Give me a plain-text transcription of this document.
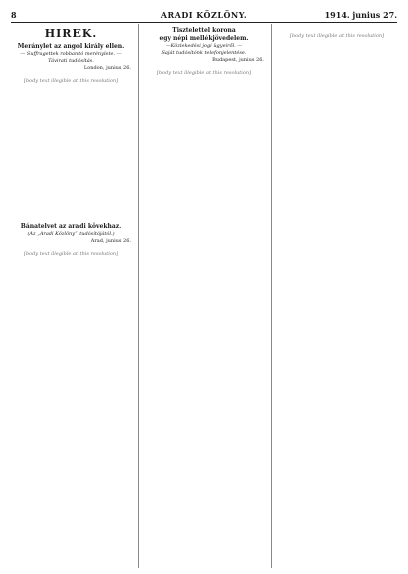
8	ARADI KÖZLÖNY.	1914. junius 27.
HIREK.
Meránylet az angol király ellen.
— Suffragettek robbantó merénylete. —
Távirati tudósítás.
London, junius 26.
[body text illegible at this resolution]
Bánatelvet az aradi kövekhaz.
(Az „Aradi Közlöny” tudósítójától.)
Arad, junius 26.
[body text illegible at this resolution]
Tisztelettel korona
egy népi mellékjövedelem.
—Közlekedési jogi ügyeiről. —
Saját tudósítónk telefonjelentése.
Budapest, junius 26.
[body text illegible at this resolution]
[body text illegible at this resolution]
